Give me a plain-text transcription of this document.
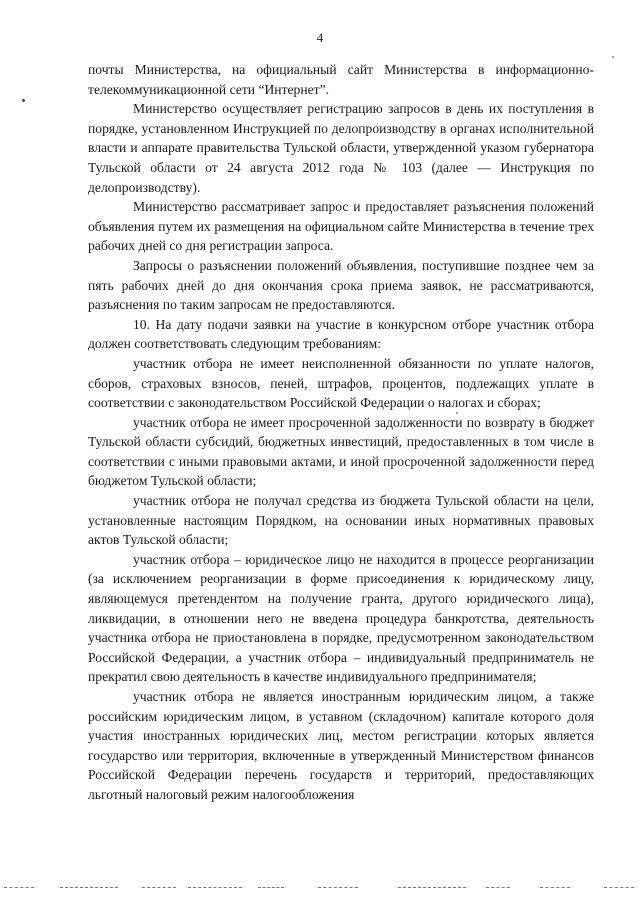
4

почты Министерства, на официальный сайт Министерства в информационно-телекоммуникационной сети “Интернет”.

Министерство осуществляет регистрацию запросов в день их поступления в порядке, установленном Инструкцией по делопроизводству в органах исполнительной власти и аппарате правительства Тульской области, утвержденной указом губернатора Тульской области от 24 августа 2012 года № 103 (далее — Инструкция по делопроизводству).

Министерство рассматривает запрос и предоставляет разъяснения положений объявления путем их размещения на официальном сайте Министерства в течение трех рабочих дней со дня регистрации запроса.

Запросы о разъяснении положений объявления, поступившие позднее чем за пять рабочих дней до дня окончания срока приема заявок, не рассматриваются, разъяснения по таким запросам не предоставляются.

10. На дату подачи заявки на участие в конкурсном отборе участник отбора должен соответствовать следующим требованиям:

участник отбора не имеет неисполненной обязанности по уплате налогов, сборов, страховых взносов, пеней, штрафов, процентов, подлежащих уплате в соответствии с законодательством Российской Федерации о налогах и сборах;

участник отбора не имеет просроченной задолженности по возврату в бюджет Тульской области субсидий, бюджетных инвестиций, предоставленных в том числе в соответствии с иными правовыми актами, и иной просроченной задолженности перед бюджетом Тульской области;

участник отбора не получал средства из бюджета Тульской области на цели, установленные настоящим Порядком, на основании иных нормативных правовых актов Тульской области;

участник отбора – юридическое лицо не находится в процессе реорганизации (за исключением реорганизации в форме присоединения к юридическому лицу, являющемуся претендентом на получение гранта, другого юридического лица), ликвидации, в отношении него не введена процедура банкротства, деятельность участника отбора не приостановлена в порядке, предусмотренном законодательством Российской Федерации, а участник отбора – индивидуальный предприниматель не прекратил свою деятельность в качестве индивидуального предпринимателя;

участник отбора не является иностранным юридическим лицом, а также российским юридическим лицом, в уставном (складочном) капитале которого доля участия иностранных юридических лиц, местом регистрации которых является государство или территория, включенные в утвержденный Министерством финансов Российской Федерации перечень государств и территорий, предоставляющих льготный налоговый режим налогообложения
